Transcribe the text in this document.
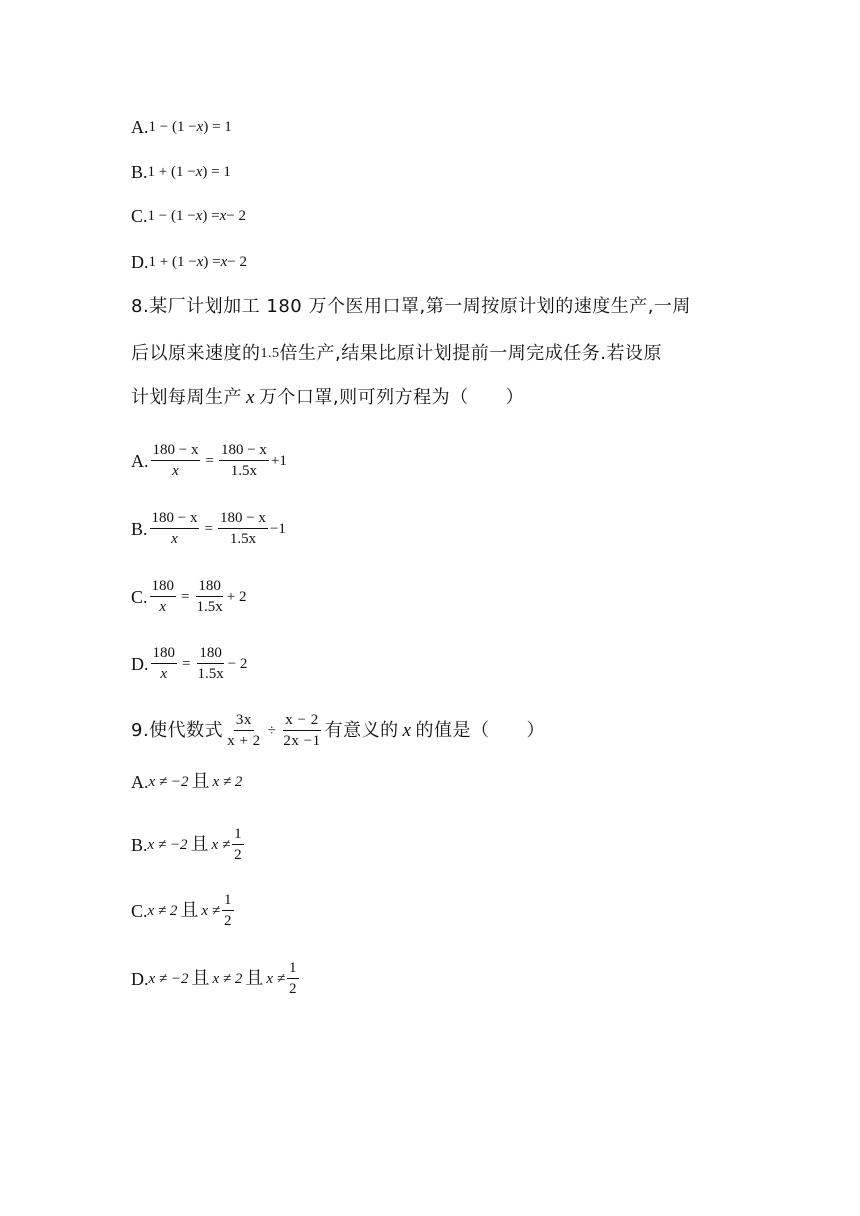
A. 1 − (1 − x ) = 1
B. 1 + (1 − x ) = 1
C. 1 − (1 − x ) = x − 2
D. 1 + (1 − x ) = x − 2
8.某厂计划加工 180 万个医用口罩,第一周按原计划的速度生产,一周
后以原来速度的 1.5 倍生产,结果比原计划提前一周完成任务.若设原
计划每周生产 x 万个口罩,则可列方程为（　　）
A. $\frac{180 - x}{x} = \frac{180 - x}{1.5x} +1$
B. $\frac{180 - x}{x} = \frac{180 - x}{1.5x} -1$
C. $\frac{180}{x} = \frac{180}{1.5x} + 2$
D. $\frac{180}{x} = \frac{180}{1.5x} - 2$
9.使代数式 $\frac{3x}{x + 2} \div \frac{x - 2}{2x -1}$ 有意义的 x 的值是（　　）
A. x ≠ −2 且 x ≠ 2
B. x ≠ −2 且 $x \ne \frac{1}{2}$
C. x ≠ 2 且 $x \ne \frac{1}{2}$
D. x ≠ −2 且 x ≠ 2 且 $x \ne \frac{1}{2}$
